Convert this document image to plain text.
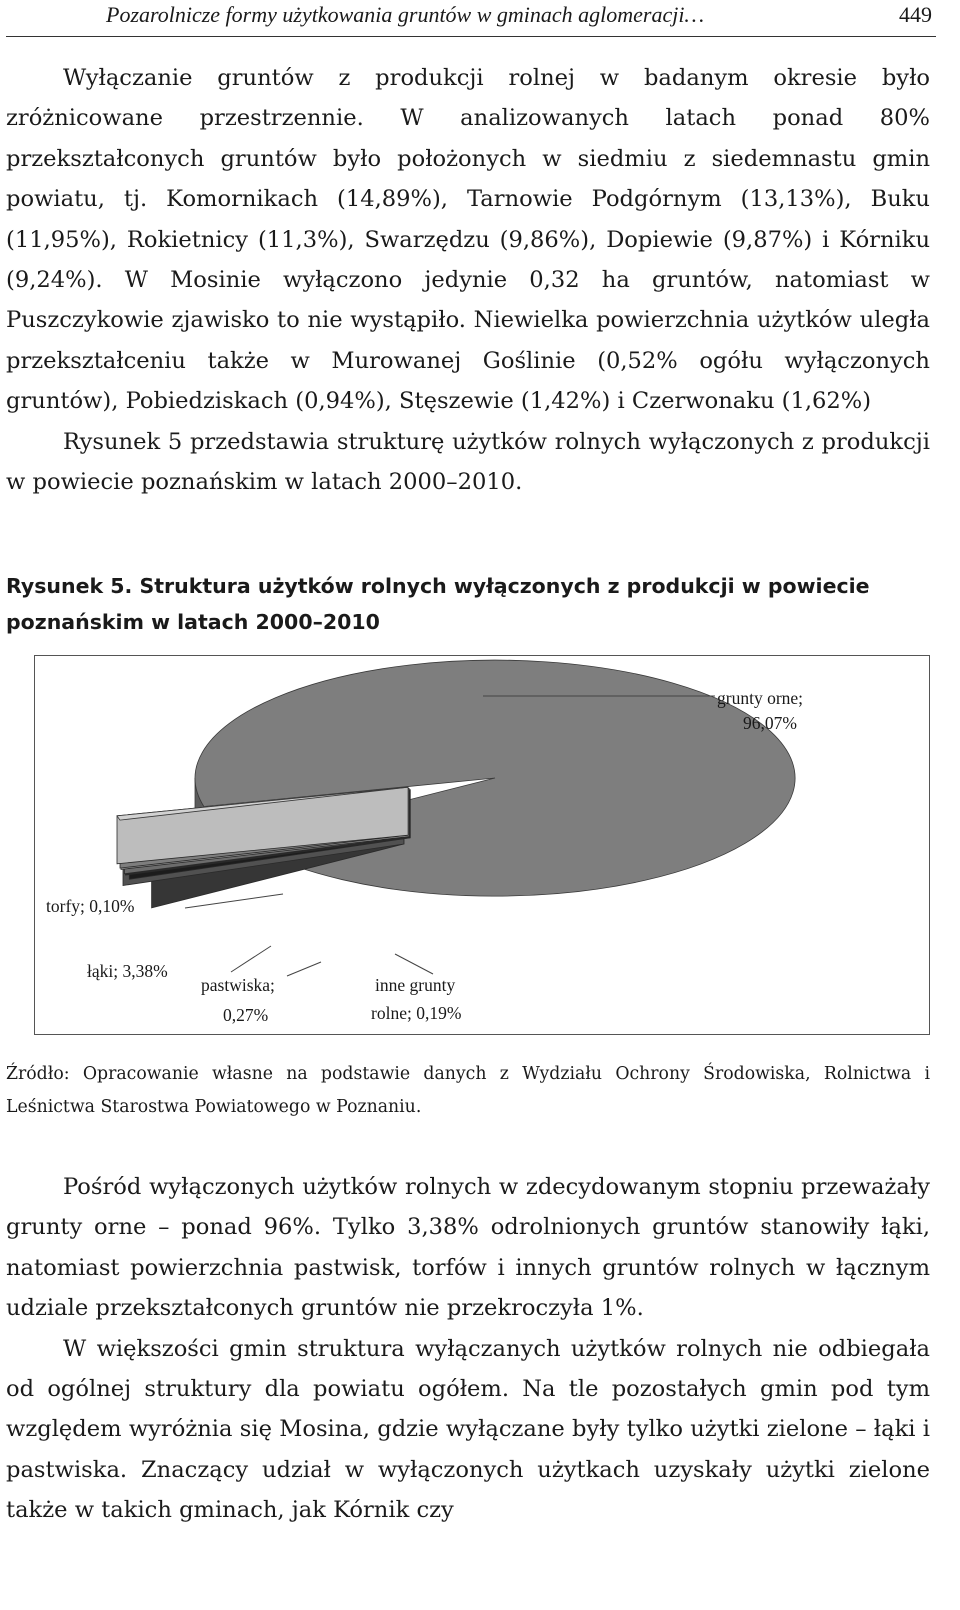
Pozarolnicze formy użytkowania gruntów w gminach aglomeracji…	449

Wyłączanie gruntów z produkcji rolnej w badanym okresie było zróżnicowane przestrzennie. W analizowanych latach ponad 80% przekształconych gruntów było położonych w siedmiu z siedemnastu gmin powiatu, tj. Komornikach (14,89%), Tarnowie Podgórnym (13,13%), Buku (11,95%), Rokietnicy (11,3%), Swarzędzu (9,86%), Dopiewie (9,87%) i Kórniku (9,24%). W Mosinie wyłączono jedynie 0,32 ha gruntów, natomiast w Puszczykowie zjawisko to nie wystąpiło. Niewielka powierzchnia użytków uległa przekształceniu także w Murowanej Goślinie (0,52% ogółu wyłączonych gruntów), Pobiedziskach (0,94%), Stęszewie (1,42%) i Czerwonaku (1,62%)

Rysunek 5 przedstawia strukturę użytków rolnych wyłączonych z produkcji w powiecie poznańskim w latach 2000–2010.

Rysunek 5. Struktura użytków rolnych wyłączonych z produkcji w powiecie poznańskim w latach 2000–2010
grunty orne;
96,07%
torfy; 0,10%
łąki; 3,38%
pastwiska;
0,27%
inne grunty
rolne; 0,19%
Źródło: Opracowanie własne na podstawie danych z Wydziału Ochrony Środowiska, Rolnictwa i Leśnictwa Starostwa Powiatowego w Poznaniu.

Pośród wyłączonych użytków rolnych w zdecydowanym stopniu przeważały grunty orne – ponad 96%. Tylko 3,38% odrolnionych gruntów stanowiły łąki, natomiast powierzchnia pastwisk, torfów i innych gruntów rolnych w łącznym udziale przekształconych gruntów nie przekroczyła 1%.

W większości gmin struktura wyłączanych użytków rolnych nie odbiegała od ogólnej struktury dla powiatu ogółem. Na tle pozostałych gmin pod tym względem wyróżnia się Mosina, gdzie wyłączane były tylko użytki zielone – łąki i pastwiska. Znaczący udział w wyłączonych użytkach uzyskały użytki zielone także w takich gminach, jak Kórnik czy
